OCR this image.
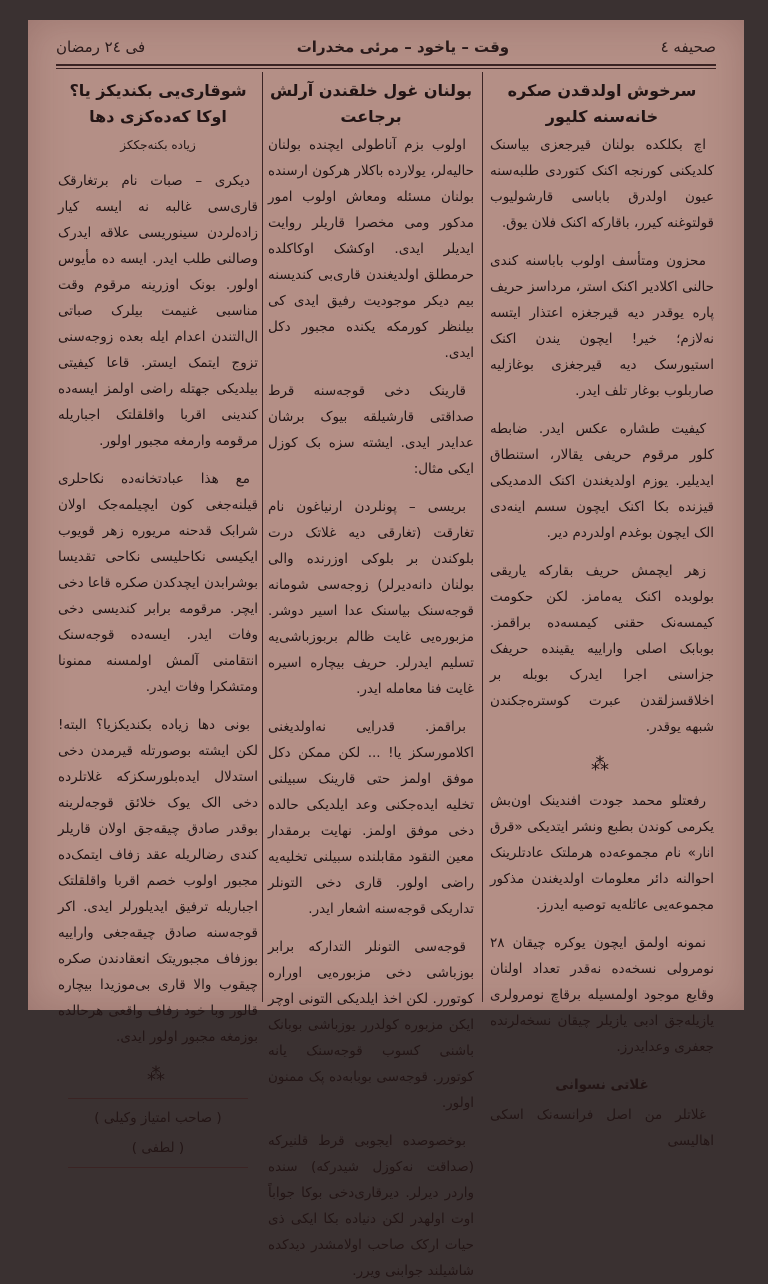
صحیفه ٤
وقت – یاخود – مرئی مخدرات
فی ٢٤ رمضان

سرخوش اولدقدن صکره خانه‌سنه کلیور

اچ بکلکده بولنان قیرجعزی بیاسنک کلدیکنی کورنجه اکنک کتوردی طلبه‌سنه عیون اولدرق باباسی قارشولیوب قولتوغنه کیرر، باقارکه اکنک فلان یوق.

محزون ومتأسف اولوب باباسنه کندی حالنی اکلادیر اکنک استر، مرداسز حریف پاره یوقدر دیه قیرجغزه اعتذار ایتسه نه‌لازم؛ خیر! ایچون یندن اکنک استیورسک دیه قیرجغزی بوغازلیه صاربلوب بوغار تلف ایدر.

کیفیت طشاره عکس ایدر. ضابطه کلور مرقوم حریفی یقالار، استنطاق ایدیلیر. یوزم اولدیغندن اکنک الدمدیکی قیزنده بکا اکنک ایچون سسم اینه‌دی الک ایچون بوغدم اولدردم دیر.

زهر ایچمش حریف بقارکه یاریقی بولوبده اکنک یه‌مامز. لکن حکومت کیمسه‌نک حقنی کیمسه‌ده براقمز. بوبابک اصلی واراییه یقینده حریفک جزاسنی اجرا ایدرک بوبله بر اخلاقسزلقدن عبرت کوستره‌جکندن شبهه یوقدر.

⁂

رفعتلو محمد جودت افندینک اون‌بش یکرمی کوندن بطبع ونشر ایتدیکی «قرق انار» نام مجموعه‌ده هرملتک عادتلرینک احوالنه دائر معلومات اولدیغندن مذکور مجموعه‌یی عائله‌یه توصیه ایدرز.

نمونه اولمق ایچون یوکره چیقان ٢٨ نومرولی نسخه‌ده نه‌قدر تعداد اولنان وقایع موجود اولمسیله برقاچ نومرولری یازیله‌جق ادبی یازیلر چیقان نسخه‌لرنده جعفری وعدایدرز.

غلاتی نسوانی

غلاتلر من اصل فرانسه‌نک اسکی اهالیسی

بولنان غول خلقندن آرلش برجاعت

اولوب بزم آناطولی ایچنده بولنان حالیه‌لر، یولارده باکلار هرکون ارسنده بولنان مسئله ومعاش اولوب امور مدکور ومی مخصرا قاریلر روایت ایدیلر ایدی. اوکشک اوکاکلده حرمطلق اولدیغندن قاری‌بی کندیسنه بیم دیکر موجودیت رفیق ایدی کی بیلنظر کورمکه یکنده مجبور دکل ایدی.

قارینک دخی قوجه‌سنه قرط صداقتی قارشیلقه بیوک برشان عدایدر ایدی. ایشته سزه بک کوزل ایکی مثال:

بریسی – پونلردن ارنیاغون نام تغارقت (تغارقی دیه غلاتک درت بلوکندن بر بلوکی اوزرنده والی بولنان دانه‌دیرلر) زوجه‌سی شومانه قوجه‌سنک بیاسنک عدا اسیر دوشر. مزبوره‌یی غایت ظالم بربوزباشی‌یه تسلیم ایدرلر. حریف بیچاره اسیره غایت فنا معامله ایدر.

براقمز. قدرایی نه‌اولدیغنی اکلامورسکز یا! ... لکن ممکن دکل موفق اولمز حتی قارینک سبیلنی تخلیه ایده‌جکنی وعد ایلدیکی حالده دخی موفق اولمز. نهایت برمقدار معین النقود مقابلنده سبیلنی تخلیه‌یه راضی اولور. قاری دخی التونلر تداریکی قوجه‌سنه اشعار ایدر.

قوجه‌سی التونلر التدارکه برابر بوزباشی دخی مزبوره‌یی اوراره کوتورر. لکن اخذ ایلدیکی التونی اوچر ایکن مزبوره کولدرر یوزباشی بوبانک باشنی کسوب قوجه‌سنک یانه کوتورر. قوجه‌سی بوبابه‌ده پک ممنون اولور.

بوخصوصده ایجوبی قرط قلنیرکه (صداقت نه‌کوزل شیدرکه) سنده واردر دیرلر. دیرقاری‌دخی بوکا جواباً اوت اولهدر لکن دنیاده بکا ایکی ذی حیات ارکک صاحب اولامشدر دیدکده شاشیلند جوابنی ویرر.

شوقاری‌یی بکندیکز یا؟ اوکا که‌ده‌کزی دها

زیاده بکنه‌جککز

دیکری – صبات نام برتغارقک قاری‌سی غالبه نه ایسه کیار زاده‌لردن سینوریسی علاقه ایدرک وصالنی طلب ایدر. ایسه ده مأیوس اولور. بونک اوزرینه مرقوم وقت مناسبی غنیمت بیلرک صباتی ال‌التندن اعدام ایله بعده زوجه‌سنی تزوج ایتمک ایستر. قاعا کیفیتی بیلدیکی جهتله راضی اولمز ایسه‌ده کندینی اقربا واقلقلتک اجباریله مرقومه وارمغه مجبور اولور.

مع هذا عبادتخانه‌ده نکاحلری قیلنه‌جغی کون ایچیلمه‌جک اولان شرابک قدحنه مریوره زهر قویوب ایکیسی نکاحلیسی نکاحی تقدیسا بوشرابدن ایچدکدن صکره قاعا دخی ایچر. مرقومه برابر کندیسی دخی وفات ایدر. ایسه‌ده قوجه‌سنک انتقامنی آلمش اولمسنه ممنونا ومتشکرا وفات ایدر.

بونی دها زیاده بکندیکزیا؟ البته! لکن ایشته بوصورتله قیرمدن دخی استدلال ایده‌بلورسکزکه غلاتلرده دخی الک یوک خلائق قوجه‌لرینه بوقدر صادق چیقه‌جق اولان قاریلر کندی رضالریله عقد زفاف ایتمک‌ده مجبور اولوب خصم اقربا واقلقلتک اجباریله ترفیق ایدیلورلر ایدی. اکر قوجه‌سنه صادق چیقه‌جغی واراییه بوزفاف مجبوریتک انعقادندن صکره چیقوب والا قاری بی‌موزیدا بیچاره قالور وبا خود زفاف واقعی هرحالده بوزمغه مجبور اولور ایدی.

⁂

( صاحب امتیاز وکیلی )

( لطفی )
